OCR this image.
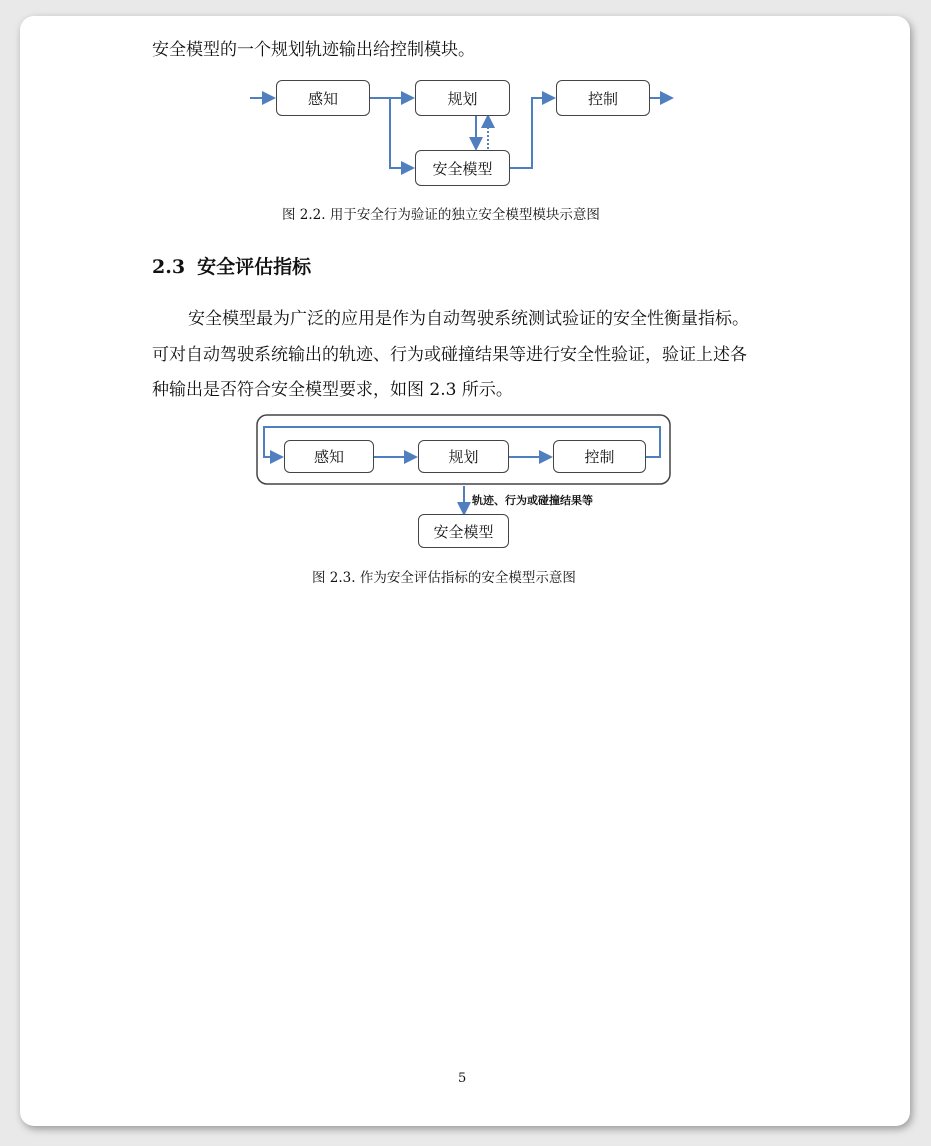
安全模型的一个规划轨迹输出给控制模块。
感知	规划	控制
安全模型
图 2.2. 用于安全行为验证的独立安全模型模块示意图
2.3 安全评估指标
安全模型最为广泛的应用是作为自动驾驶系统测试验证的安全性衡量指标。
可对自动驾驶系统输出的轨迹、行为或碰撞结果等进行安全性验证，验证上述各
种输出是否符合安全模型要求，如图 2.3 所示。
感知	规划	控制
轨迹、行为或碰撞结果等
安全模型
图 2.3. 作为安全评估指标的安全模型示意图
5
